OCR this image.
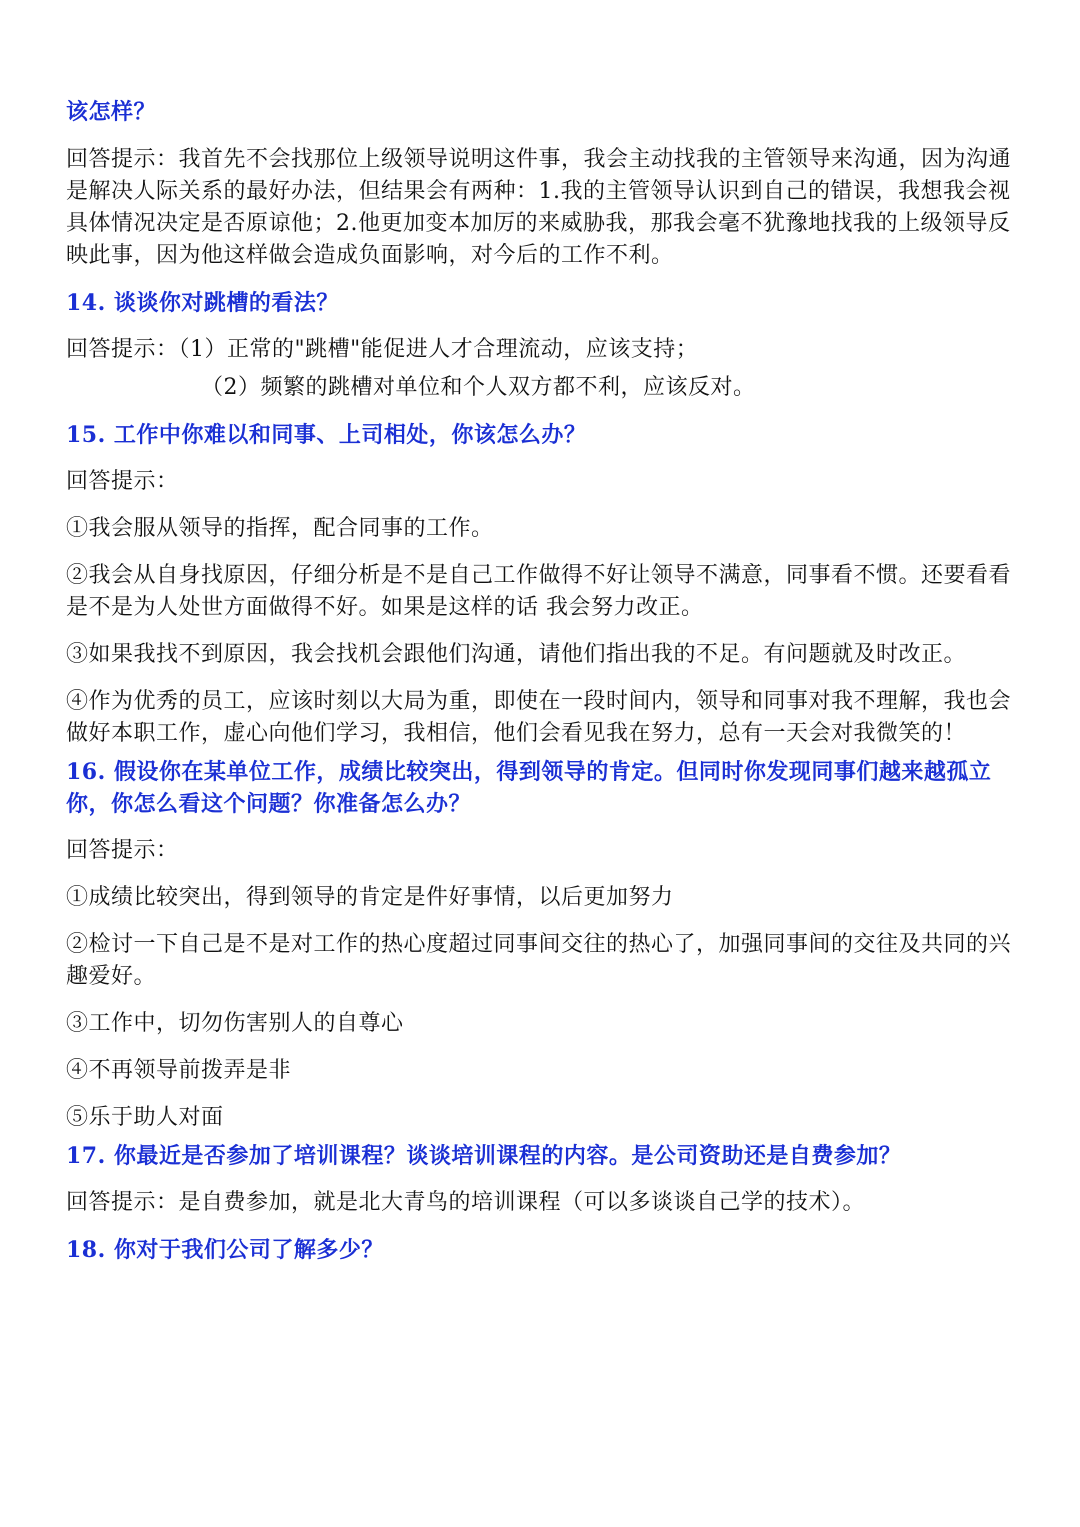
该怎样？

回答提示：我首先不会找那位上级领导说明这件事，我会主动找我的主管领导来沟通，因为沟通是解决人际关系的最好办法，但结果会有两种：1.我的主管领导认识到自己的错误，我想我会视具体情况决定是否原谅他；2.他更加变本加厉的来威胁我，那我会毫不犹豫地找我的上级领导反映此事，因为他这样做会造成负面影响，对今后的工作不利。

14. 谈谈你对跳槽的看法？

回答提示：（1）正常的"跳槽"能促进人才合理流动，应该支持；

（2）频繁的跳槽对单位和个人双方都不利，应该反对。

15. 工作中你难以和同事、上司相处，你该怎么办？

回答提示：

①我会服从领导的指挥，配合同事的工作。

②我会从自身找原因，仔细分析是不是自己工作做得不好让领导不满意，同事看不惯。还要看看是不是为人处世方面做得不好。如果是这样的话 我会努力改正。

③如果我找不到原因，我会找机会跟他们沟通，请他们指出我的不足。有问题就及时改正。

④作为优秀的员工，应该时刻以大局为重，即使在一段时间内，领导和同事对我不理解，我也会做好本职工作，虚心向他们学习，我相信，他们会看见我在努力，总有一天会对我微笑的！

16. 假设你在某单位工作，成绩比较突出，得到领导的肯定。但同时你发现同事们越来越孤立你，你怎么看这个问题？你准备怎么办？

回答提示：

①成绩比较突出，得到领导的肯定是件好事情，以后更加努力

②检讨一下自己是不是对工作的热心度超过同事间交往的热心了，加强同事间的交往及共同的兴趣爱好。

③工作中，切勿伤害别人的自尊心

④不再领导前拨弄是非

⑤乐于助人对面

17. 你最近是否参加了培训课程？谈谈培训课程的内容。是公司资助还是自费参加？

回答提示：是自费参加，就是北大青鸟的培训课程（可以多谈谈自己学的技术）。

18. 你对于我们公司了解多少？
